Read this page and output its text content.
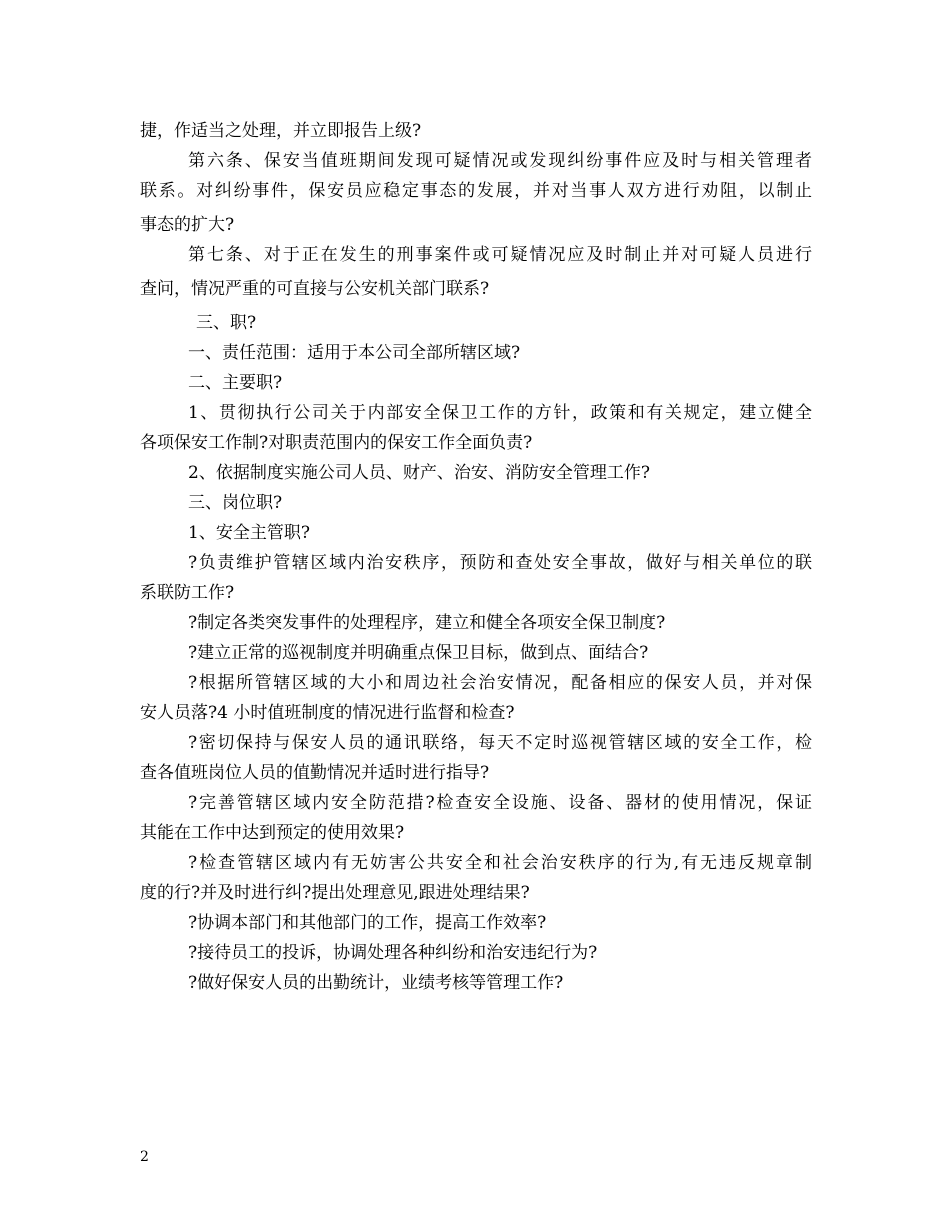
捷，作适当之处理，并立即报告上级?
第六条、保安当值班期间发现可疑情况或发现纠纷事件应及时与相关管理者
联系。对纠纷事件，保安员应稳定事态的发展，并对当事人双方进行劝阻，以制止
事态的扩大?
第七条、对于正在发生的刑事案件或可疑情况应及时制止并对可疑人员进行
查问，情况严重的可直接与公安机关部门联系?
三、职?
一、责任范围：适用于本公司全部所辖区域?
二、主要职?
1、贯彻执行公司关于内部安全保卫工作的方针，政策和有关规定，建立健全
各项保安工作制?对职责范围内的保安工作全面负责?
2、依据制度实施公司人员、财产、治安、消防安全管理工作?
三、岗位职?
1、安全主管职?
?负责维护管辖区域内治安秩序，预防和查处安全事故，做好与相关单位的联
系联防工作?
?制定各类突发事件的处理程序，建立和健全各项安全保卫制度?
?建立正常的巡视制度并明确重点保卫目标，做到点、面结合?
?根据所管辖区域的大小和周边社会治安情况，配备相应的保安人员，并对保
安人员落?4 小时值班制度的情况进行监督和检查?
?密切保持与保安人员的通讯联络，每天不定时巡视管辖区域的安全工作，检
查各值班岗位人员的值勤情况并适时进行指导?
?完善管辖区域内安全防范措?检查安全设施、设备、器材的使用情况，保证
其能在工作中达到预定的使用效果?
?检查管辖区域内有无妨害公共安全和社会治安秩序的行为,有无违反规章制
度的行?并及时进行纠?提出处理意见,跟进处理结果?
?协调本部门和其他部门的工作，提高工作效率?
?接待员工的投诉，协调处理各种纠纷和治安违纪行为?
?做好保安人员的出勤统计，业绩考核等管理工作?
2
